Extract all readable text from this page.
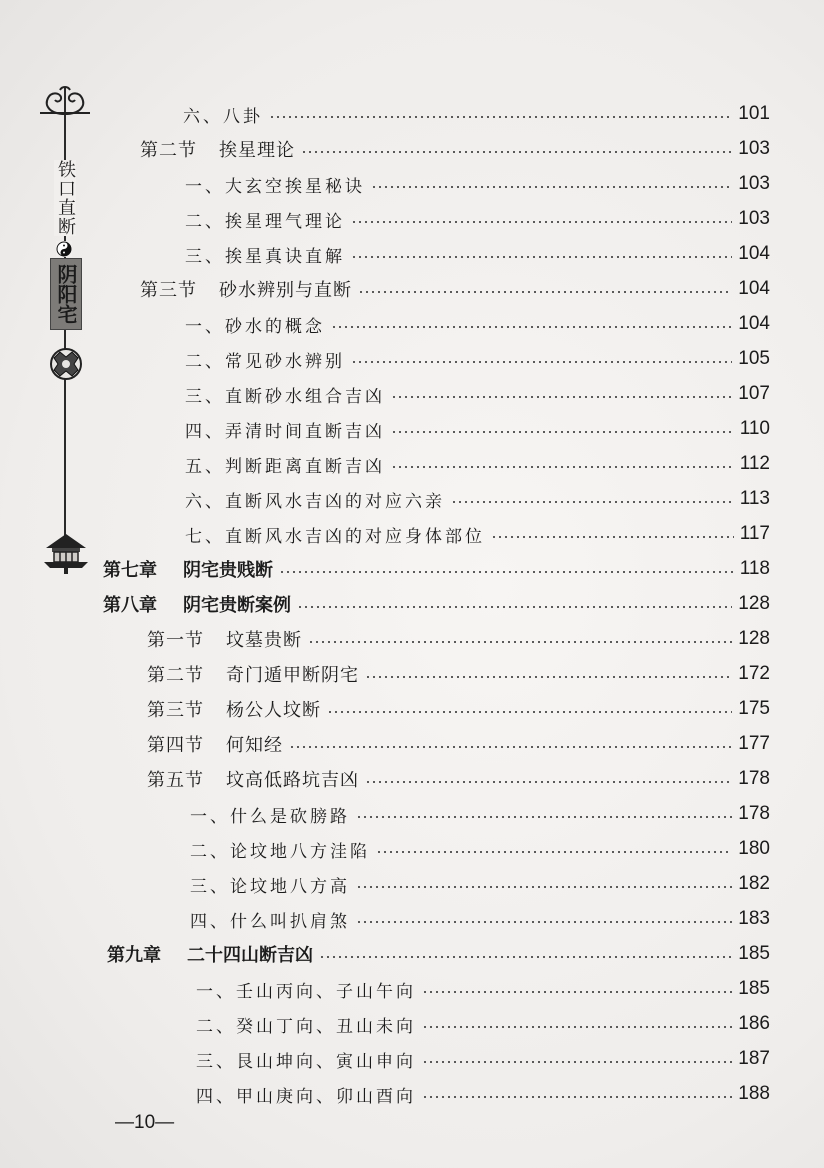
铁口直断
阴阳宅
六、八卦	101
第二节 挨星理论	103
一、大玄空挨星秘诀	103
二、挨星理气理论	103
三、挨星真诀直解	104
第三节 砂水辨别与直断	104
一、砂水的概念	104
二、常见砂水辨别	105
三、直断砂水组合吉凶	107
四、弄清时间直断吉凶	110
五、判断距离直断吉凶	112
六、直断风水吉凶的对应六亲	113
七、直断风水吉凶的对应身体部位	117
第七章 阴宅贵贱断	118
第八章 阴宅贵断案例	128
第一节 坟墓贵断	128
第二节 奇门遁甲断阴宅	172
第三节 杨公人坟断	175
第四节 何知经	177
第五节 坟高低路坑吉凶	178
一、什么是砍膀路	178
二、论坟地八方洼陷	180
三、论坟地八方高	182
四、什么叫扒肩煞	183
第九章 二十四山断吉凶	185
一、壬山丙向、子山午向	185
二、癸山丁向、丑山未向	186
三、艮山坤向、寅山申向	187
四、甲山庚向、卯山酉向	188
—10—
